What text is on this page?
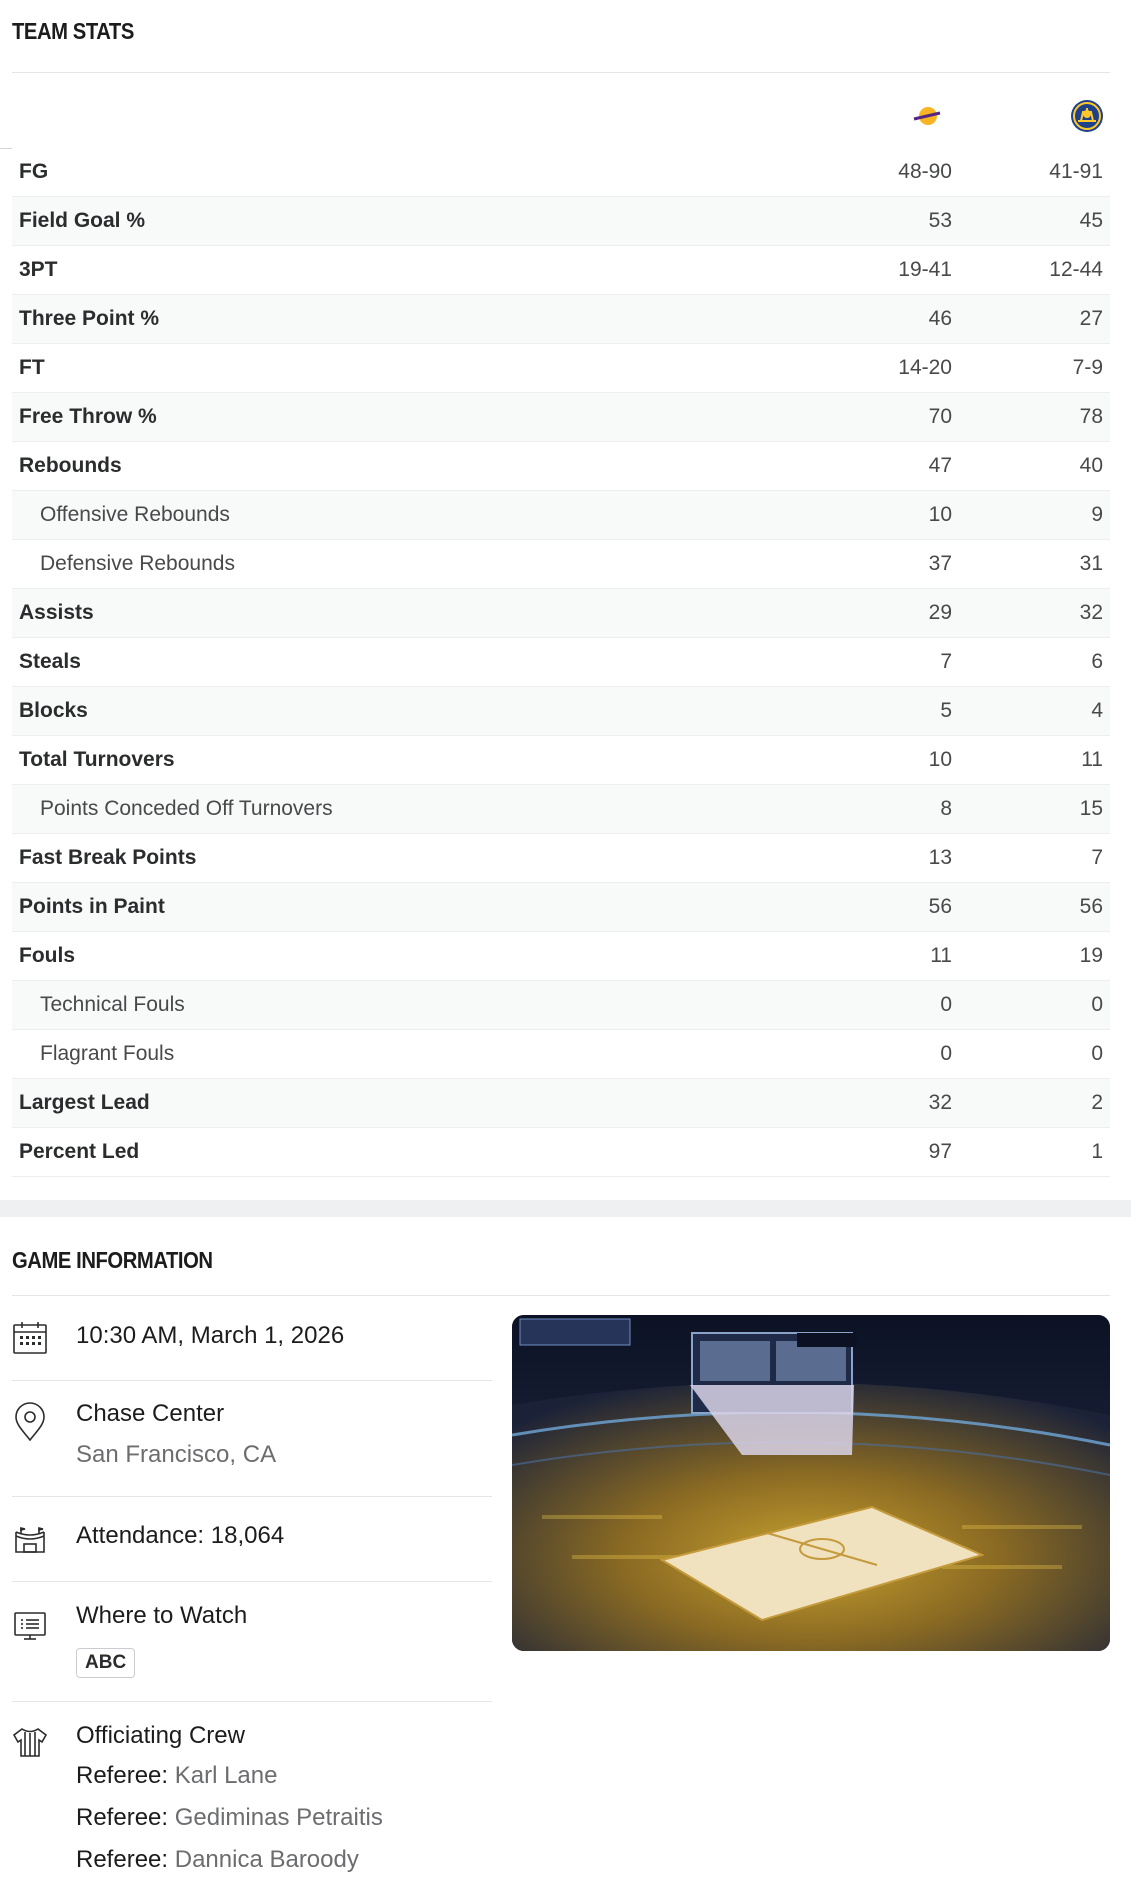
TEAM STATS
FG	48-90	41-91
Field Goal %	53	45
3PT	19-41	12-44
Three Point %	46	27
FT	14-20	7-9
Free Throw %	70	78
Rebounds	47	40
Offensive Rebounds	10	9
Defensive Rebounds	37	31
Assists	29	32
Steals	7	6
Blocks	5	4
Total Turnovers	10	11
Points Conceded Off Turnovers	8	15
Fast Break Points	13	7
Points in Paint	56	56
Fouls	11	19
Technical Fouls	0	0
Flagrant Fouls	0	0
Largest Lead	32	2
Percent Led	97	1
GAME INFORMATION
10:30 AM, March 1, 2026
Chase Center
San Francisco, CA
Attendance: 18,064
Where to Watch
ABC
Officiating Crew
Referee: Karl Lane
Referee: Gediminas Petraitis
Referee: Dannica Baroody
